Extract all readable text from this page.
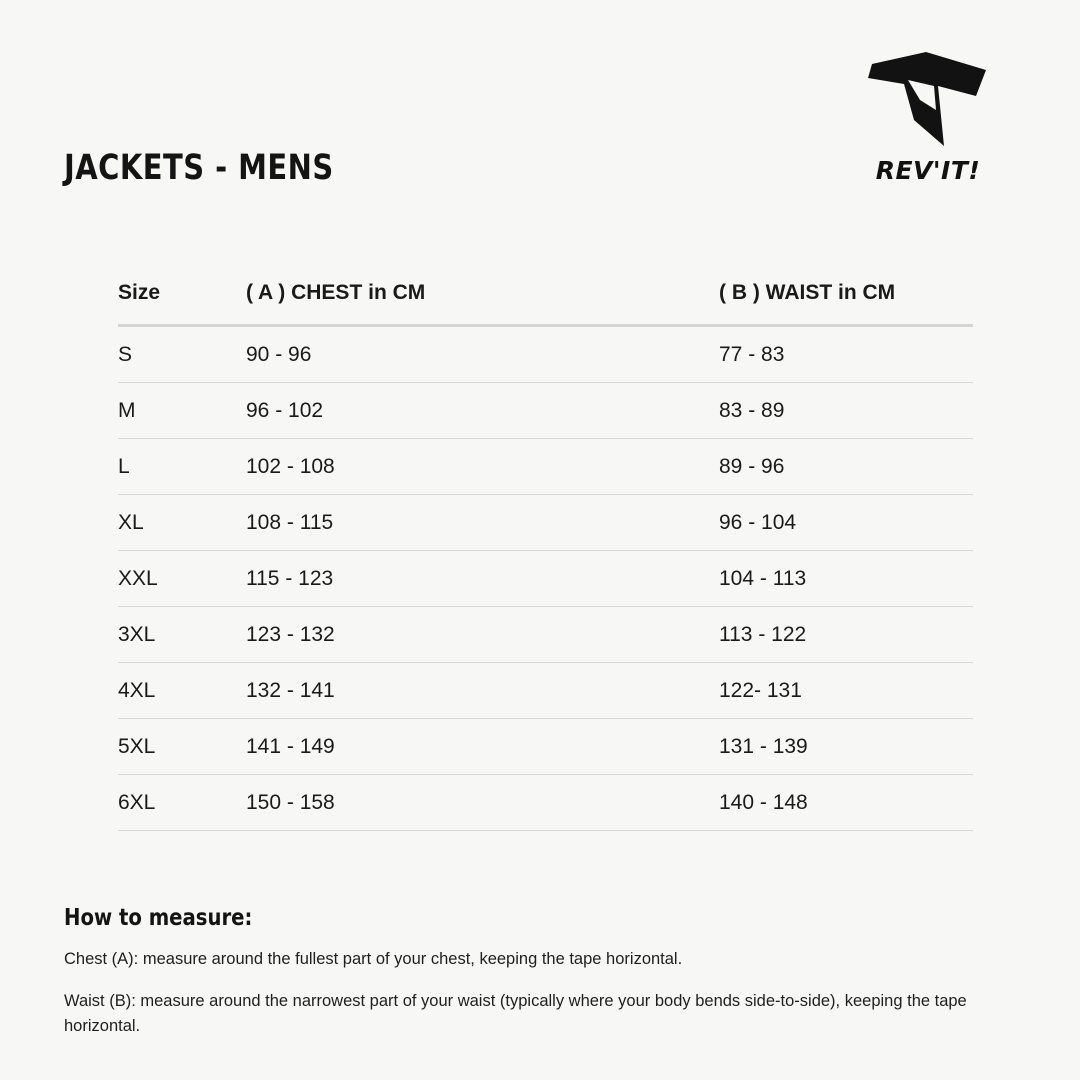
JACKETS - MENS	REV'IT!
Size	( A ) CHEST in CM	( B ) WAIST in CM
S	90 - 96	77 - 83
M	96 - 102	83 - 89
L	102 - 108	89 - 96
XL	108 - 115	96 - 104
XXL	115 - 123	104 - 113
3XL	123 - 132	113 - 122
4XL	132 - 141	122- 131
5XL	141 - 149	131 - 139
6XL	150 - 158	140 - 148
How to measure:
Chest (A): measure around the fullest part of your chest, keeping the tape horizontal.
Waist (B): measure around the narrowest part of your waist (typically where your body bends side-to-side), keeping the tape horizontal.
